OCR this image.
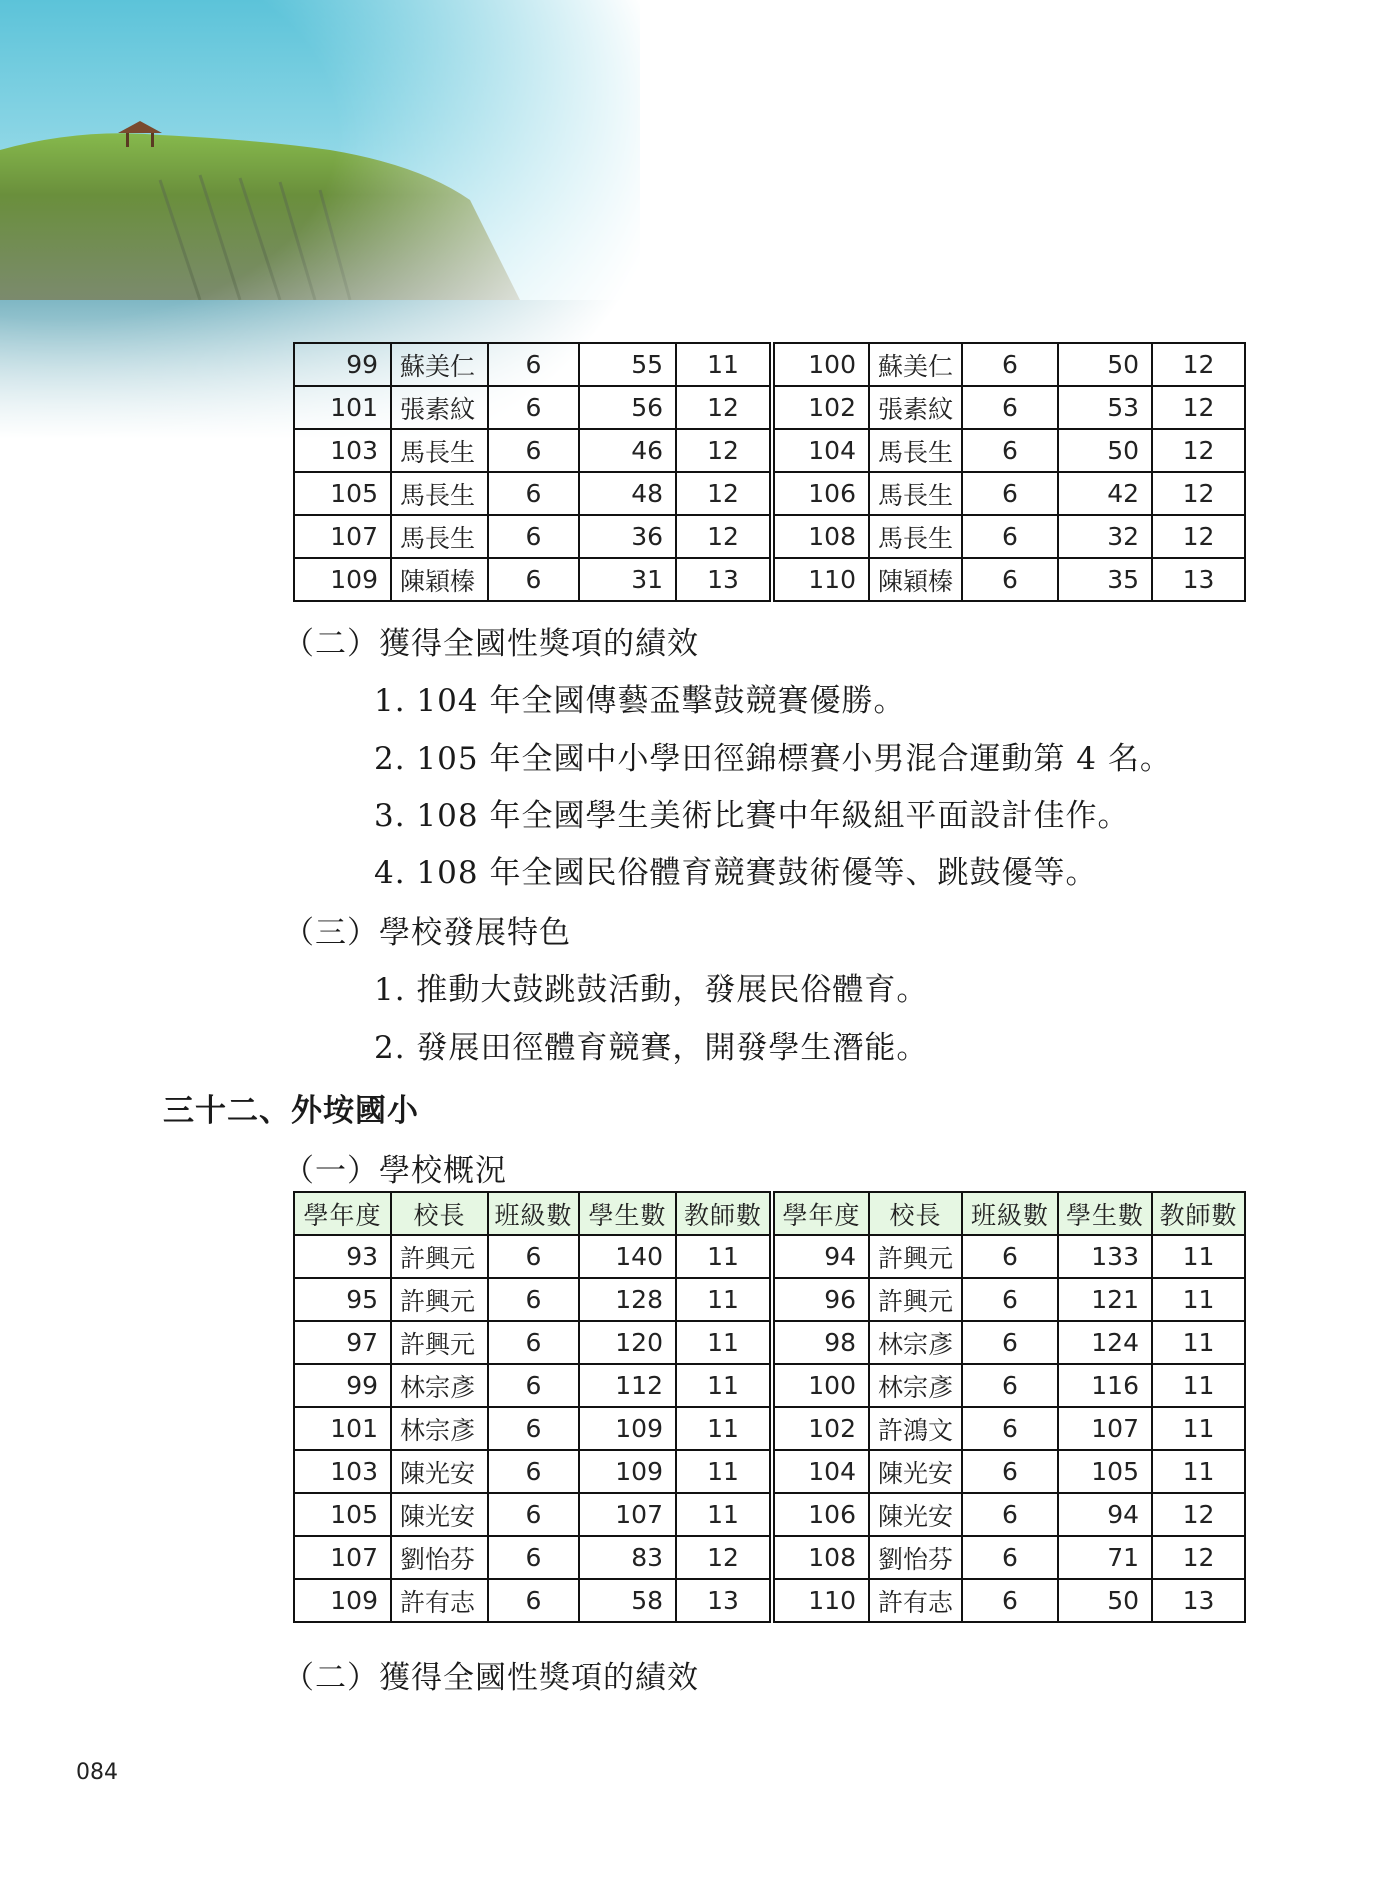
99	蘇美仁	6	55	11	100	蘇美仁	6	50	12
101	張素紋	6	56	12	102	張素紋	6	53	12
103	馬長生	6	46	12	104	馬長生	6	50	12
105	馬長生	6	48	12	106	馬長生	6	42	12
107	馬長生	6	36	12	108	馬長生	6	32	12
109	陳穎榛	6	31	13	110	陳穎榛	6	35	13
（二）獲得全國性獎項的績效
1. 104 年全國傳藝盃擊鼓競賽優勝。
2. 105 年全國中小學田徑錦標賽小男混合運動第 4 名。
3. 108 年全國學生美術比賽中年級組平面設計佳作。
4. 108 年全國民俗體育競賽鼓術優等、跳鼓優等。
（三）學校發展特色
1. 推動大鼓跳鼓活動，發展民俗體育。
2. 發展田徑體育競賽，開發學生潛能。
三十二、外垵國小
（一）學校概況
學年度	校長	班級數	學生數	教師數	學年度	校長	班級數	學生數	教師數
93	許興元	6	140	11	94	許興元	6	133	11
95	許興元	6	128	11	96	許興元	6	121	11
97	許興元	6	120	11	98	林宗彥	6	124	11
99	林宗彥	6	112	11	100	林宗彥	6	116	11
101	林宗彥	6	109	11	102	許鴻文	6	107	11
103	陳光安	6	109	11	104	陳光安	6	105	11
105	陳光安	6	107	11	106	陳光安	6	94	12
107	劉怡芬	6	83	12	108	劉怡芬	6	71	12
109	許有志	6	58	13	110	許有志	6	50	13
（二）獲得全國性獎項的績效
084
